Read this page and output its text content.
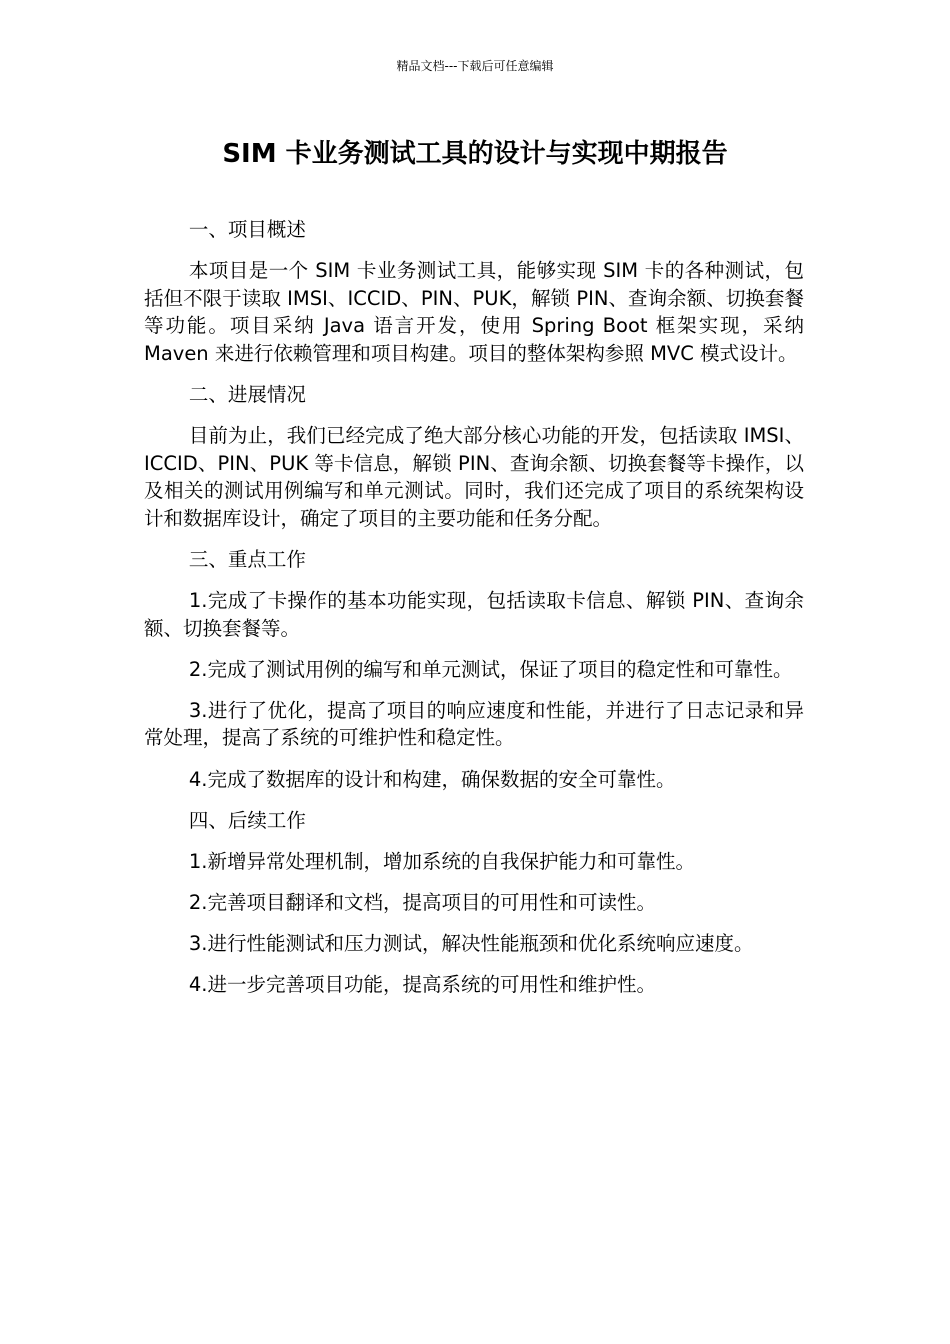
精品文档---下载后可任意编辑
SIM 卡业务测试工具的设计与实现中期报告

一、项目概述

本项目是一个 SIM 卡业务测试工具，能够实现 SIM 卡的各种测试，包括但不限于读取 IMSI、ICCID、PIN、PUK，解锁 PIN、查询余额、切换套餐等功能。项目采纳 Java 语言开发，使用 Spring Boot 框架实现，采纳 Maven 来进行依赖管理和项目构建。项目的整体架构参照 MVC 模式设计。

二、进展情况

目前为止，我们已经完成了绝大部分核心功能的开发，包括读取 IMSI、ICCID、PIN、PUK 等卡信息，解锁 PIN、查询余额、切换套餐等卡操作，以及相关的测试用例编写和单元测试。同时，我们还完成了项目的系统架构设计和数据库设计，确定了项目的主要功能和任务分配。

三、重点工作

1.完成了卡操作的基本功能实现，包括读取卡信息、解锁 PIN、查询余额、切换套餐等。

2.完成了测试用例的编写和单元测试，保证了项目的稳定性和可靠性。

3.进行了优化，提高了项目的响应速度和性能，并进行了日志记录和异常处理，提高了系统的可维护性和稳定性。

4.完成了数据库的设计和构建，确保数据的安全可靠性。

四、后续工作

1.新增异常处理机制，增加系统的自我保护能力和可靠性。

2.完善项目翻译和文档，提高项目的可用性和可读性。

3.进行性能测试和压力测试，解决性能瓶颈和优化系统响应速度。

4.进一步完善项目功能，提高系统的可用性和维护性。
